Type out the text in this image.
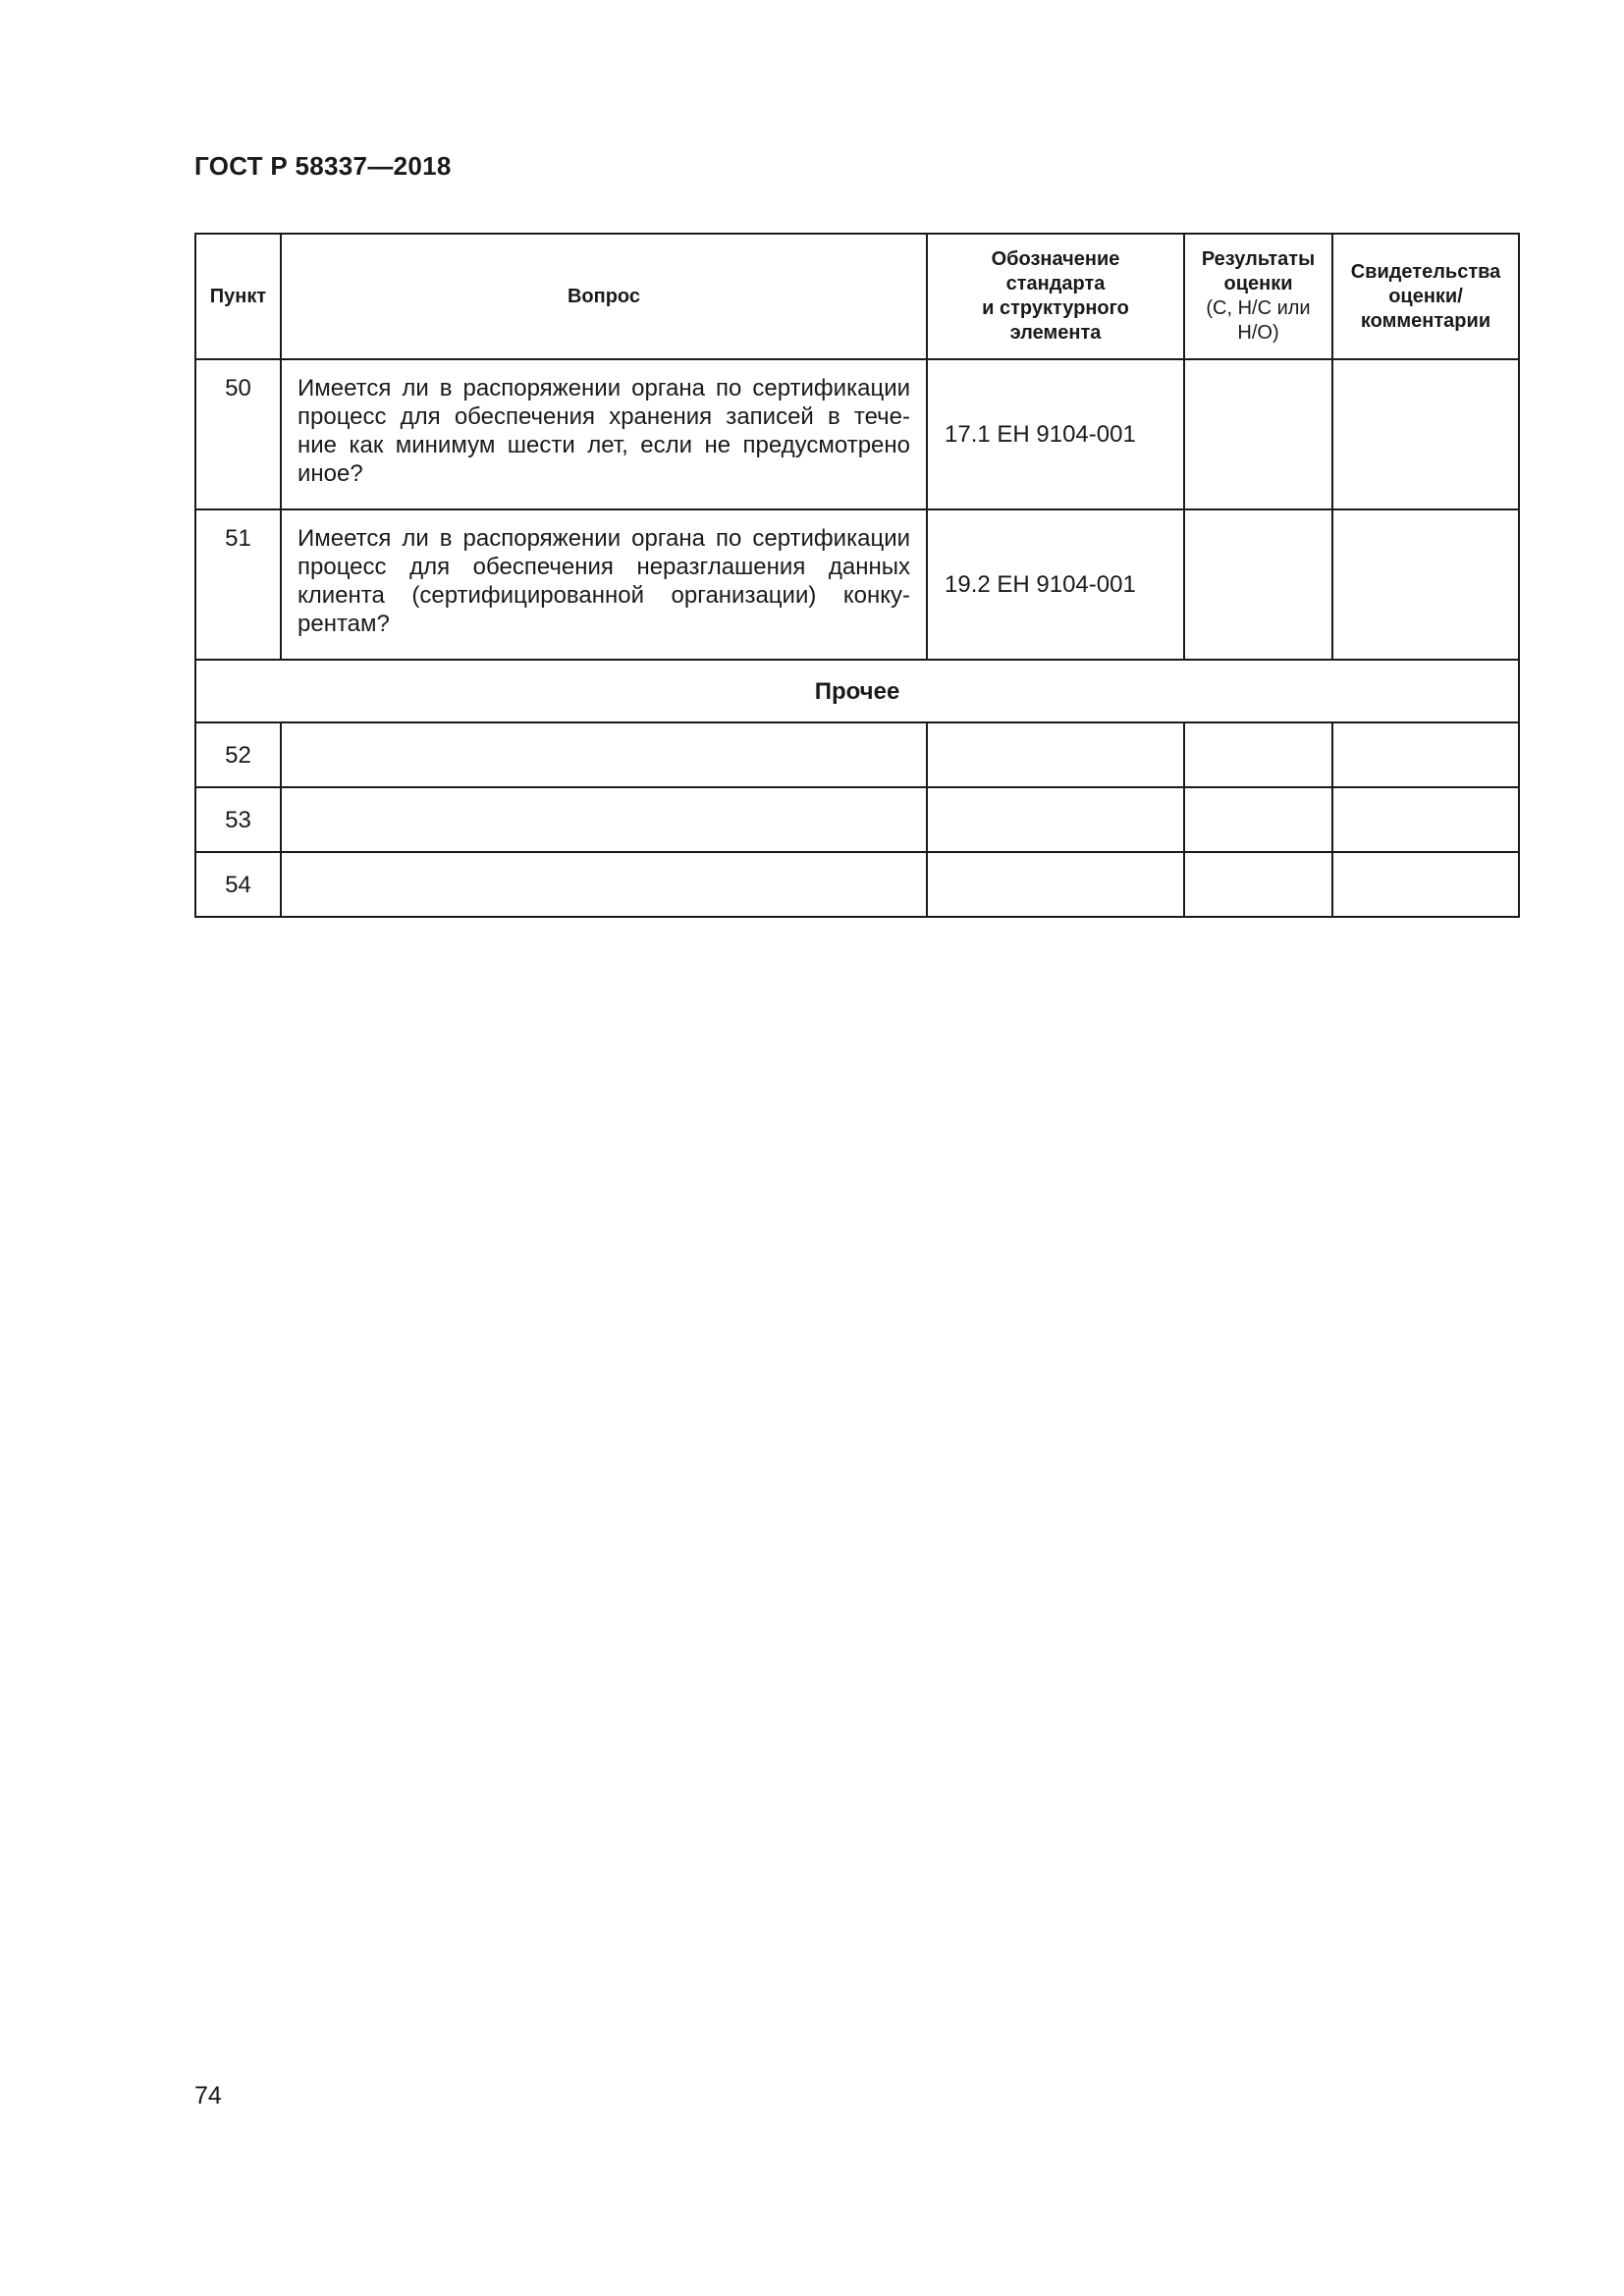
ГОСТ Р 58337—2018
Пункт	Вопрос	Обозначение
стандарта
и структурного
элемента	Результаты
оценки
(С, Н/С или
Н/О)	Свидетельства
оценки/
комментарии
50	Имеется ли в распоряжении органа по сертификации процесс для обеспечения хранения записей в тече- ние как минимум шести лет, если не предусмотрено иное?	17.1 EH 9104-001		
51	Имеется ли в распоряжении органа по сертификации процесс для обеспечения неразглашения данных клиента (сертифицированной организации) конку- рентам?	19.2 EH 9104-001		
Прочее				
52				
53				
54				
74
